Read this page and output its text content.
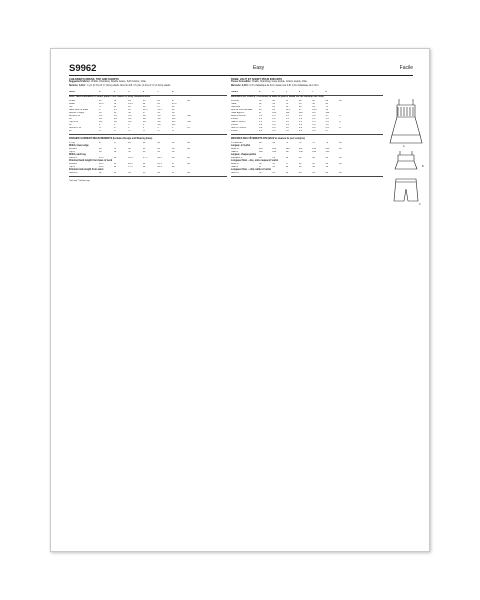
S9962	Easy	Facile
CHILDREN'S DRESS, TOP AND SHORTS
Suggested Fabrics: Challis, Chambray, Double Gauze, Soft Cottons, Voile.
Notions: A,B,C: ⅞ yd. (0.7m) of ⅝" (2cm) elastic. Also for A,B: 1½ yds. (1.2m) of ⅝" (1.3cm) elastic.
Sizes	3	4	5	6	7	8
BODY MEASUREMENTS Select pattern size based on body measurements
Chest	22	23	24	25	26	27	Ins.
Waist	20½	21	21½	22	23	23½	"
Hip	—	24	25	26	27	28	"
Back neck to waist	9	9½	10	10½	11½	12	"
Approx. Height	38	41	44	47	50	52	"
Dress A 45"*	1⅜	1⅜	1⅜	1⅜	1⅜	1⅜	Yds.
60"*	1⅛	1⅛	1⅛	1⅛	1⅛	1⅛	"
Top B 45"*	1⅛	1⅛	1⅛	1⅛	1⅛	1⅛	Yds.
60"*	1	1	1	1	1⅛	1⅛	"
Shorts C 45"*	⅝	⅝	1	1	1	1	Yd.
60"*	⅝	⅝	⅝	⅝	⅝	⅝	"
FINISHED GARMENT MEASUREMENTS (Includes Design and Wearing Ease)
C Hip	27	27	28	29	30	31	Ins.
Width, lower edge
Dress A	80	81	82	83	84	85	Ins.
Top B	48	49	50	51	52	52	"
Width, each leg
Pants C	15½	16	16½	17½	18½	19	Ins.
Finished back length from base of neck
Dress A	19½	21	22½	24	25½	27	Ins.
Top B	14½	16	17½	19	20½	22	"
Finished side length from waist
Shorts C	12	13	14	15	16	17	Ins.
*with nap **without nap
ROBE, HAUT ET SHORT POUR ENFANTS
Tissus Conseillés: Challis, Chambray, Gaze double, Cotons souple, Voile.
Mercerie: A,B,C: 0.7m d'élastique de 2cm. Aussi pour A,B: 1,2m d'élastique de 1.3cm.
Tailles	3	4	5	6	7	8
MESURES DU CORPS: Choisissez la taille du patron basée sur les mesures du corps
Poitrine	56	58	61	64	66	69	cm
Taille	52	52	55	56	58	60	"
Hanches	—	61	64	66	69	71	"
Dos de cou à la taille	23	24	25.5	27	29.5	31	"
Taille approx.	97	104	112	119	127	132	"
Robe A 115cm*	1.4	1.5	1.5	1.5	1.6	1.7	m
150cm*	1.1	1.1	1.1	1.1	1.1	1.1	"
Haut B 115cm*	1.1	1.1	1.3	1.3	1.3	1.4	m
150cm*	0.9	0.9	0.9	0.9	1.0	1.0	"
Short C 115cm*	0.6	0.6	0.8	0.9	0.9	0.9	m
150cm*	0.6	0.6	0.6	0.6	0.6	0.7	"
MESURES DES VÊTEMENTS FINI (Motif et aisance de port compris)
C Hanches	69	69	71	74	76	79	cm
Largeur, à l'ourlet
Robe A	203	206	208	211	213	216	cm
Haut B	122	124	127	130	132	135	"
Largeur, chaque jambe
Pantalon C	39	41	42	44	46	48	cm
Longueur finie – dos, votre nuque à l'ourlet
Robe A	50	53	57	61	65	69	cm
Haut B	37	41	44	48	52	56	"
Longueur finie – côté, taille à l'ourlet
Short C	30	33	36	38	41	43	cm
A
B
C
